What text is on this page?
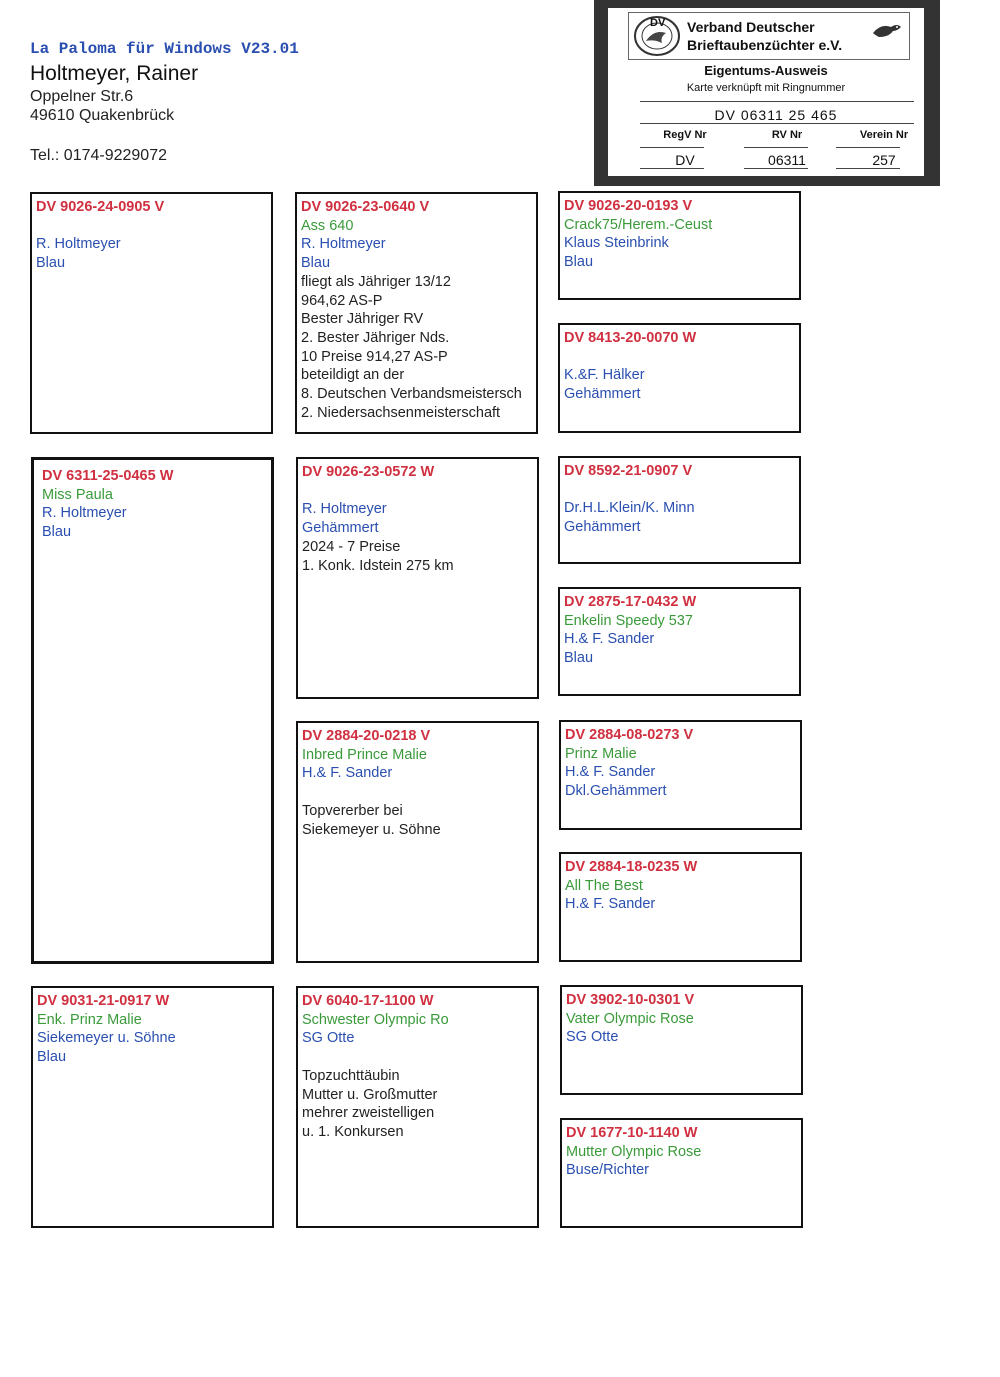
La Paloma für Windows V23.01
Holtmeyer, Rainer
Oppelner Str.6
49610 Quakenbrück
Tel.: 0174-9229072
DV Verband Deutscher
Brieftaubenzüchter e.V.
Eigentums-Ausweis
Karte verknüpft mit Ringnummer
DV 06311 25 465
RegV Nr	RV Nr	Verein Nr
DV	06311	257
DV 9026-24-0905 V
R. Holtmeyer
Blau
DV 6311-25-0465 W
Miss Paula
R. Holtmeyer
Blau
DV 9031-21-0917 W
Enk. Prinz Malie
Siekemeyer u. Söhne
Blau
DV 9026-23-0640 V
Ass 640
R. Holtmeyer
Blau
fliegt als Jähriger 13/12
964,62 AS-P
Bester Jähriger RV
2. Bester Jähriger Nds.
10 Preise 914,27 AS-P
beteildigt an der
8. Deutschen Verbandsmeistersch
2. Niedersachsenmeisterschaft
DV 9026-23-0572 W
R. Holtmeyer
Gehämmert
2024 - 7 Preise
1. Konk. Idstein 275 km
DV 2884-20-0218 V
Inbred Prince Malie
H.& F. Sander
Topvererber bei
Siekemeyer u. Söhne
DV 6040-17-1100 W
Schwester Olympic Ro
SG Otte
Topzuchttäubin
Mutter u. Großmutter
mehrer zweistelligen
u. 1. Konkursen
DV 9026-20-0193 V
Crack75/Herem.-Ceust
Klaus Steinbrink
Blau
DV 8413-20-0070 W
K.&F. Hälker
Gehämmert
DV 8592-21-0907 V
Dr.H.L.Klein/K. Minn
Gehämmert
DV 2875-17-0432 W
Enkelin Speedy 537
H.& F. Sander
Blau
DV 2884-08-0273 V
Prinz Malie
H.& F. Sander
Dkl.Gehämmert
DV 2884-18-0235 W
All The Best
H.& F. Sander
DV 3902-10-0301 V
Vater Olympic Rose
SG Otte
DV 1677-10-1140 W
Mutter Olympic Rose
Buse/Richter
